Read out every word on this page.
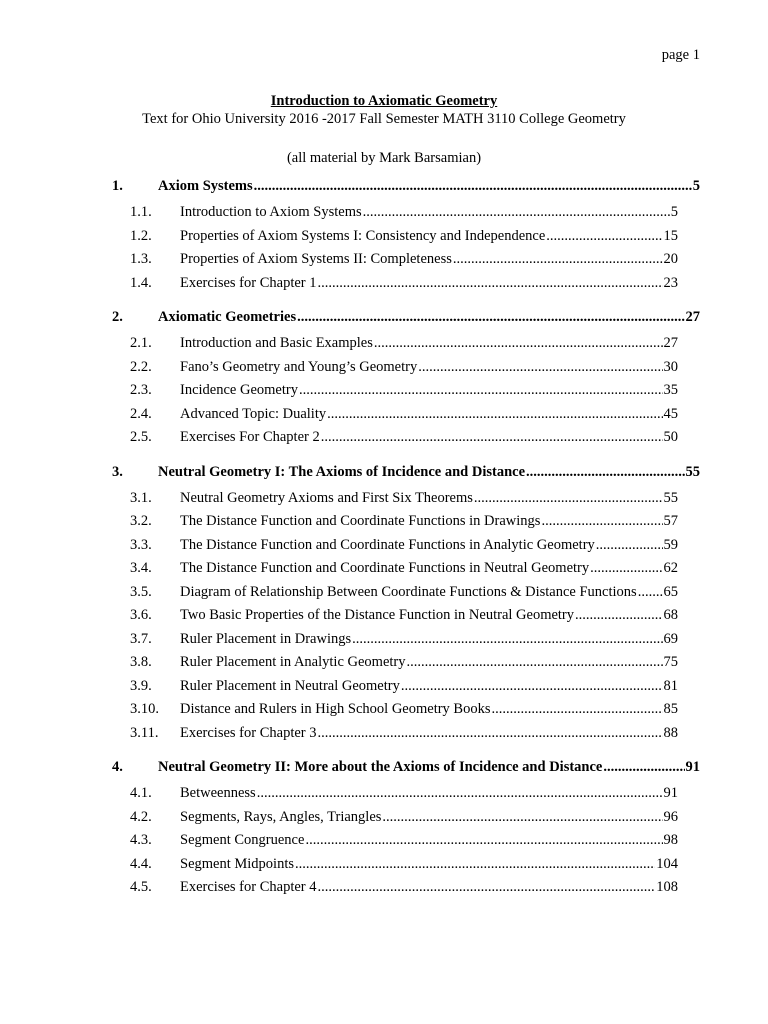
page 1
Introduction to Axiomatic Geometry
Text for Ohio University 2016 -2017 Fall Semester MATH 3110 College Geometry
(all material by Mark Barsamian)
1.	Axiom Systems .....	5
1.1.	Introduction to Axiom Systems .....	5
1.2.	Properties of Axiom Systems I: Consistency and Independence .....	15
1.3.	Properties of Axiom Systems II: Completeness .....	20
1.4.	Exercises for Chapter 1 .....	23
2.	Axiomatic Geometries .....	27
2.1.	Introduction and Basic Examples .....	27
2.2.	Fano’s Geometry and Young’s Geometry .....	30
2.3.	Incidence Geometry .....	35
2.4.	Advanced Topic: Duality .....	45
2.5.	Exercises For Chapter 2 .....	50
3.	Neutral Geometry I: The Axioms of Incidence and Distance .....	55
3.1.	Neutral Geometry Axioms and First Six Theorems .....	55
3.2.	The Distance Function and Coordinate Functions in Drawings .....	57
3.3.	The Distance Function and Coordinate Functions in Analytic Geometry .....	59
3.4.	The Distance Function and Coordinate Functions in Neutral Geometry .....	62
3.5.	Diagram of Relationship Between Coordinate Functions & Distance Functions ..... 65
3.6.	Two Basic Properties of the Distance Function in Neutral Geometry .....	68
3.7.	Ruler Placement in Drawings .....	69
3.8.	Ruler Placement in Analytic Geometry .....	75
3.9.	Ruler Placement in Neutral Geometry .....	81
3.10.	Distance and Rulers in High School Geometry Books .....	85
3.11.	Exercises for Chapter 3 .....	88
4.	Neutral Geometry II: More about the Axioms of Incidence and Distance .....	91
4.1.	Betweenness .....	91
4.2.	Segments, Rays, Angles, Triangles .....	96
4.3.	Segment Congruence .....	98
4.4.	Segment Midpoints .....	104
4.5.	Exercises for Chapter 4 .....	108
